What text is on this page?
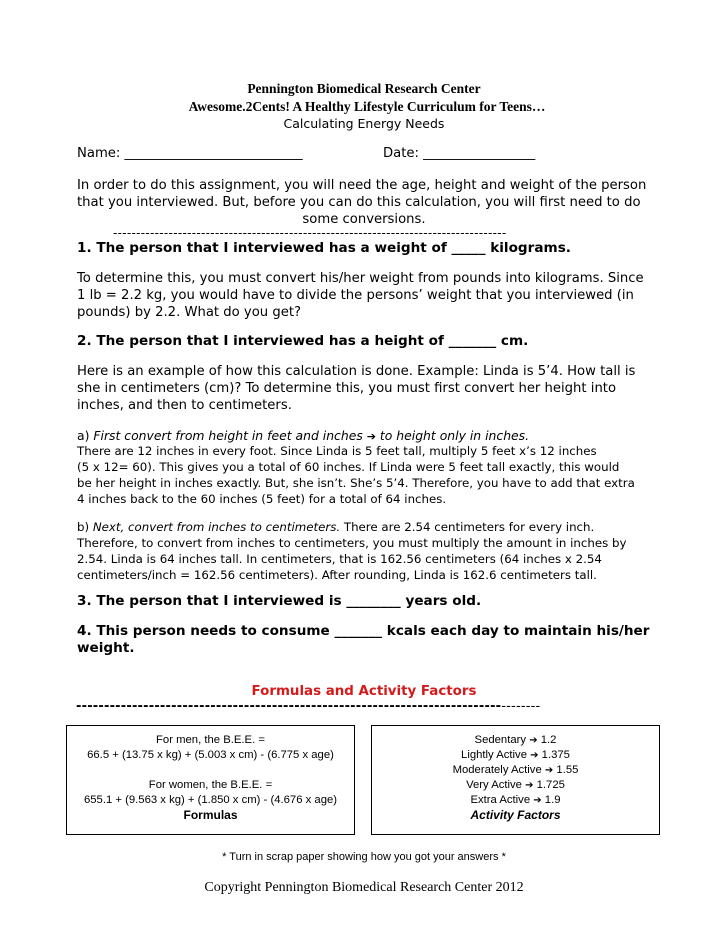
Pennington Biomedical Research Center
Awesome.2Cents! A Healthy Lifestyle Curriculum for Teens…
Calculating Energy Needs
Name: ___________________________	Date: _________________
In order to do this assignment, you will need the age, height and weight of the person
that you interviewed. But, before you can do this calculation, you will first need to do
some conversions.
-------------------------------------------------------------------------------------
1. The person that I interviewed has a weight of _____ kilograms.
To determine this, you must convert his/her weight from pounds into kilograms. Since
1 lb = 2.2 kg, you would have to divide the persons’ weight that you interviewed (in
pounds) by 2.2. What do you get?
2. The person that I interviewed has a height of _______ cm.
Here is an example of how this calculation is done. Example: Linda is 5’4. How tall is
she in centimeters (cm)? To determine this, you must first convert her height into
inches, and then to centimeters.
a) First convert from height in feet and inches ➔ to height only in inches.
There are 12 inches in every foot. Since Linda is 5 feet tall, multiply 5 feet x’s 12 inches
(5 x 12= 60). This gives you a total of 60 inches. If Linda were 5 feet tall exactly, this would
be her height in inches exactly. But, she isn’t. She’s 5’4. Therefore, you have to add that extra
4 inches back to the 60 inches (5 feet) for a total of 64 inches.
b) Next, convert from inches to centimeters. There are 2.54 centimeters for every inch.
Therefore, to convert from inches to centimeters, you must multiply the amount in inches by
2.54. Linda is 64 inches tall. In centimeters, that is 162.56 centimeters (64 inches x 2.54
centimeters/inch = 162.56 centimeters). After rounding, Linda is 162.6 centimeters tall.
3. The person that I interviewed is ________ years old.
4. This person needs to consume _______ kcals each day to maintain his/her
weight.
Formulas and Activity Factors
------------------------------------------------------------------------------------
For men, the B.E.E. =
66.5 + (13.75 x kg) + (5.003 x cm) - (6.775 x age)
For women, the B.E.E. =
655.1 + (9.563 x kg) + (1.850 x cm) - (4.676 x age)
Formulas
Sedentary ➔ 1.2
Lightly Active ➔ 1.375
Moderately Active ➔ 1.55
Very Active ➔ 1.725
Extra Active ➔ 1.9
Activity Factors
* Turn in scrap paper showing how you got your answers *
Copyright Pennington Biomedical Research Center 2012
